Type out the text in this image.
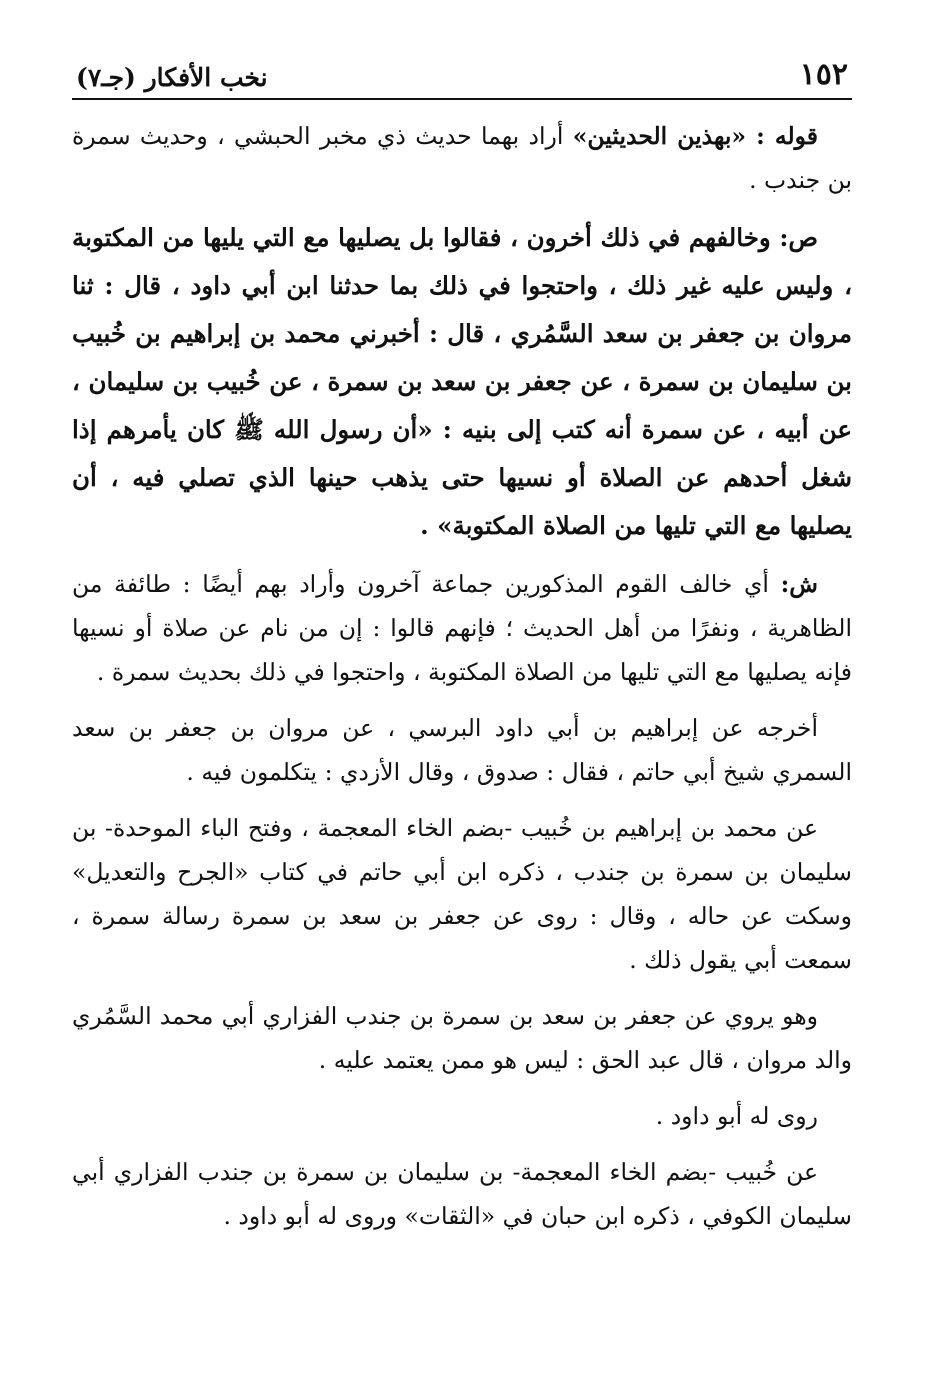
١٥٢
نخب الأفكار (جـ٧)

قوله : «بهذين الحديثين» أراد بهما حديث ذي مخبر الحبشي ، وحديث سمرة بن جندب .

ص: وخالفهم في ذلك أخرون ، فقالوا بل يصليها مع التي يليها من المكتوبة ، وليس عليه غير ذلك ، واحتجوا في ذلك بما حدثنا ابن أبي داود ، قال : ثنا مروان بن جعفر بن سعد السَّمُري ، قال : أخبرني محمد بن إبراهيم بن خُبيب بن سليمان بن سمرة ، عن جعفر بن سعد بن سمرة ، عن خُبيب بن سليمان ، عن أبيه ، عن سمرة أنه كتب إلى بنيه : «أن رسول الله ﷺ كان يأمرهم إذا شغل أحدهم عن الصلاة أو نسيها حتى يذهب حينها الذي تصلي فيه ، أن يصليها مع التي تليها من الصلاة المكتوبة» .

ش: أي خالف القوم المذكورين جماعة آخرون وأراد بهم أيضًا : طائفة من الظاهرية ، ونفرًا من أهل الحديث ؛ فإنهم قالوا : إن من نام عن صلاة أو نسيها فإنه يصليها مع التي تليها من الصلاة المكتوبة ، واحتجوا في ذلك بحديث سمرة .

أخرجه عن إبراهيم بن أبي داود البرسي ، عن مروان بن جعفر بن سعد السمري شيخ أبي حاتم ، فقال : صدوق ، وقال الأزدي : يتكلمون فيه .

عن محمد بن إبراهيم بن خُبيب -بضم الخاء المعجمة ، وفتح الباء الموحدة- بن سليمان بن سمرة بن جندب ، ذكره ابن أبي حاتم في كتاب «الجرح والتعديل» وسكت عن حاله ، وقال : روى عن جعفر بن سعد بن سمرة رسالة سمرة ، سمعت أبي يقول ذلك .

وهو يروي عن جعفر بن سعد بن سمرة بن جندب الفزاري أبي محمد السَّمُري والد مروان ، قال عبد الحق : ليس هو ممن يعتمد عليه .

روى له أبو داود .

عن خُبيب -بضم الخاء المعجمة- بن سليمان بن سمرة بن جندب الفزاري أبي سليمان الكوفي ، ذكره ابن حبان في «الثقات» وروى له أبو داود .
